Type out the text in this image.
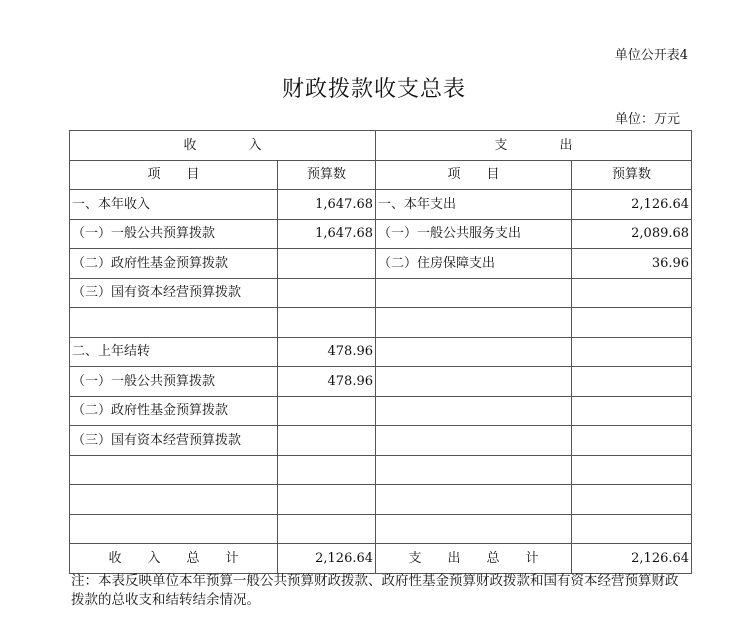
单位公开表4
财政拨款收支总表
单位：万元
收　　　　入		支　　　　出	
项　　目	预算数	项　　目	预算数
一、本年收入	1,647.68	一、本年支出	2,126.64
（一）一般公共预算拨款	1,647.68	（一）一般公共服务支出	2,089.68
（二）政府性基金预算拨款		（二）住房保障支出	36.96
（三）国有资本经营预算拨款			

二、上年结转	478.96		
（一）一般公共预算拨款	478.96		
（二）政府性基金预算拨款			
（三）国有资本经营预算拨款			

收　　入　　总　　计	2,126.64	支　　出　　总　　计	2,126.64
注：本表反映单位本年预算一般公共预算财政拨款、政府性基金预算财政拨款和国有资本经营预算财政拨款的总收支和结转结余情况。
